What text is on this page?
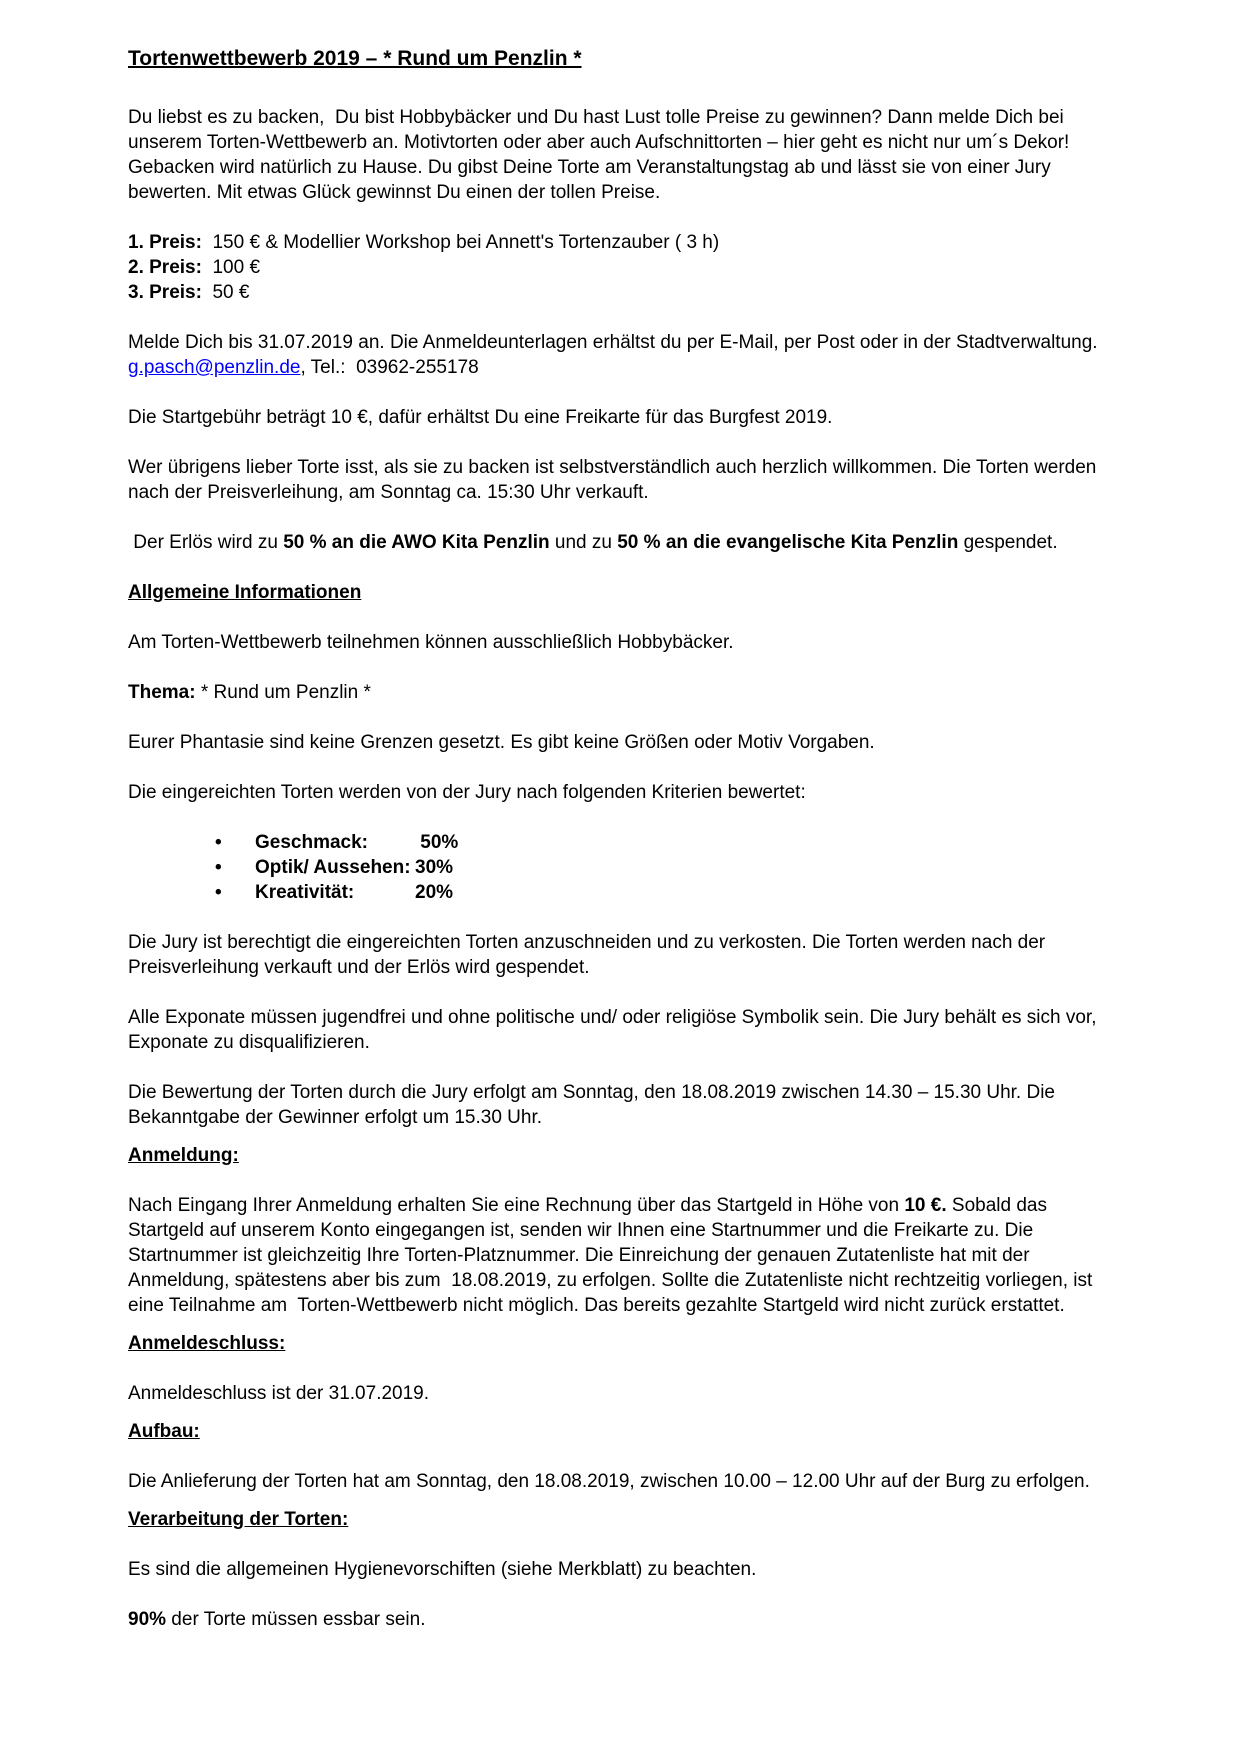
Tortenwettbewerb 2019 – * Rund um Penzlin *

Du liebst es zu backen,  Du bist Hobbybäcker und Du hast Lust tolle Preise zu gewinnen? Dann melde Dich bei unserem Torten-Wettbewerb an. Motivtorten oder aber auch Aufschnittorten – hier geht es nicht nur um´s Dekor! Gebacken wird natürlich zu Hause. Du gibst Deine Torte am Veranstaltungstag ab und lässt sie von einer Jury bewerten. Mit etwas Glück gewinnst Du einen der tollen Preise.

1. Preis:  150 € & Modellier Workshop bei Annett's Tortenzauber ( 3 h)

2. Preis:  100 €

3. Preis:  50 €

Melde Dich bis 31.07.2019 an. Die Anmeldeunterlagen erhältst du per E-Mail, per Post oder in der Stadtverwaltung.  g.pasch@penzlin.de, Tel.:  03962-255178

Die Startgebühr beträgt 10 €, dafür erhältst Du eine Freikarte für das Burgfest 2019.

Wer übrigens lieber Torte isst, als sie zu backen ist selbstverständlich auch herzlich willkommen. Die Torten werden nach der Preisverleihung, am Sonntag ca. 15:30 Uhr verkauft.

Der Erlös wird zu 50 % an die AWO Kita Penzlin und zu 50 % an die evangelische Kita Penzlin gespendet.

Allgemeine Informationen

Am Torten-Wettbewerb teilnehmen können ausschließlich Hobbybäcker.

Thema: * Rund um Penzlin *

Eurer Phantasie sind keine Grenzen gesetzt. Es gibt keine Größen oder Motiv Vorgaben.

Die eingereichten Torten werden von der Jury nach folgenden Kriterien bewertet:

•	Geschmack:	50%
•	Optik/ Aussehen: 30%
•	Kreativität:	20%

Die Jury ist berechtigt die eingereichten Torten anzuschneiden und zu verkosten. Die Torten werden nach der Preisverleihung verkauft und der Erlös wird gespendet.

Alle Exponate müssen jugendfrei und ohne politische und/ oder religiöse Symbolik sein. Die Jury behält es sich vor, Exponate zu disqualifizieren.

Die Bewertung der Torten durch die Jury erfolgt am Sonntag, den 18.08.2019 zwischen 14.30 – 15.30 Uhr. Die Bekanntgabe der Gewinner erfolgt um 15.30 Uhr.

Anmeldung:

Nach Eingang Ihrer Anmeldung erhalten Sie eine Rechnung über das Startgeld in Höhe von 10 €. Sobald das Startgeld auf unserem Konto eingegangen ist, senden wir Ihnen eine Startnummer und die Freikarte zu. Die Startnummer ist gleichzeitig Ihre Torten-Platznummer. Die Einreichung der genauen Zutatenliste hat mit der Anmeldung, spätestens aber bis zum  18.08.2019, zu erfolgen. Sollte die Zutatenliste nicht rechtzeitig vorliegen, ist eine Teilnahme am  Torten-Wettbewerb nicht möglich. Das bereits gezahlte Startgeld wird nicht zurück erstattet.

Anmeldeschluss:

Anmeldeschluss ist der 31.07.2019.

Aufbau:

Die Anlieferung der Torten hat am Sonntag, den 18.08.2019, zwischen 10.00 – 12.00 Uhr auf der Burg zu erfolgen.

Verarbeitung der Torten:

Es sind die allgemeinen Hygienevorschiften (siehe Merkblatt) zu beachten.

90% der Torte müssen essbar sein.
